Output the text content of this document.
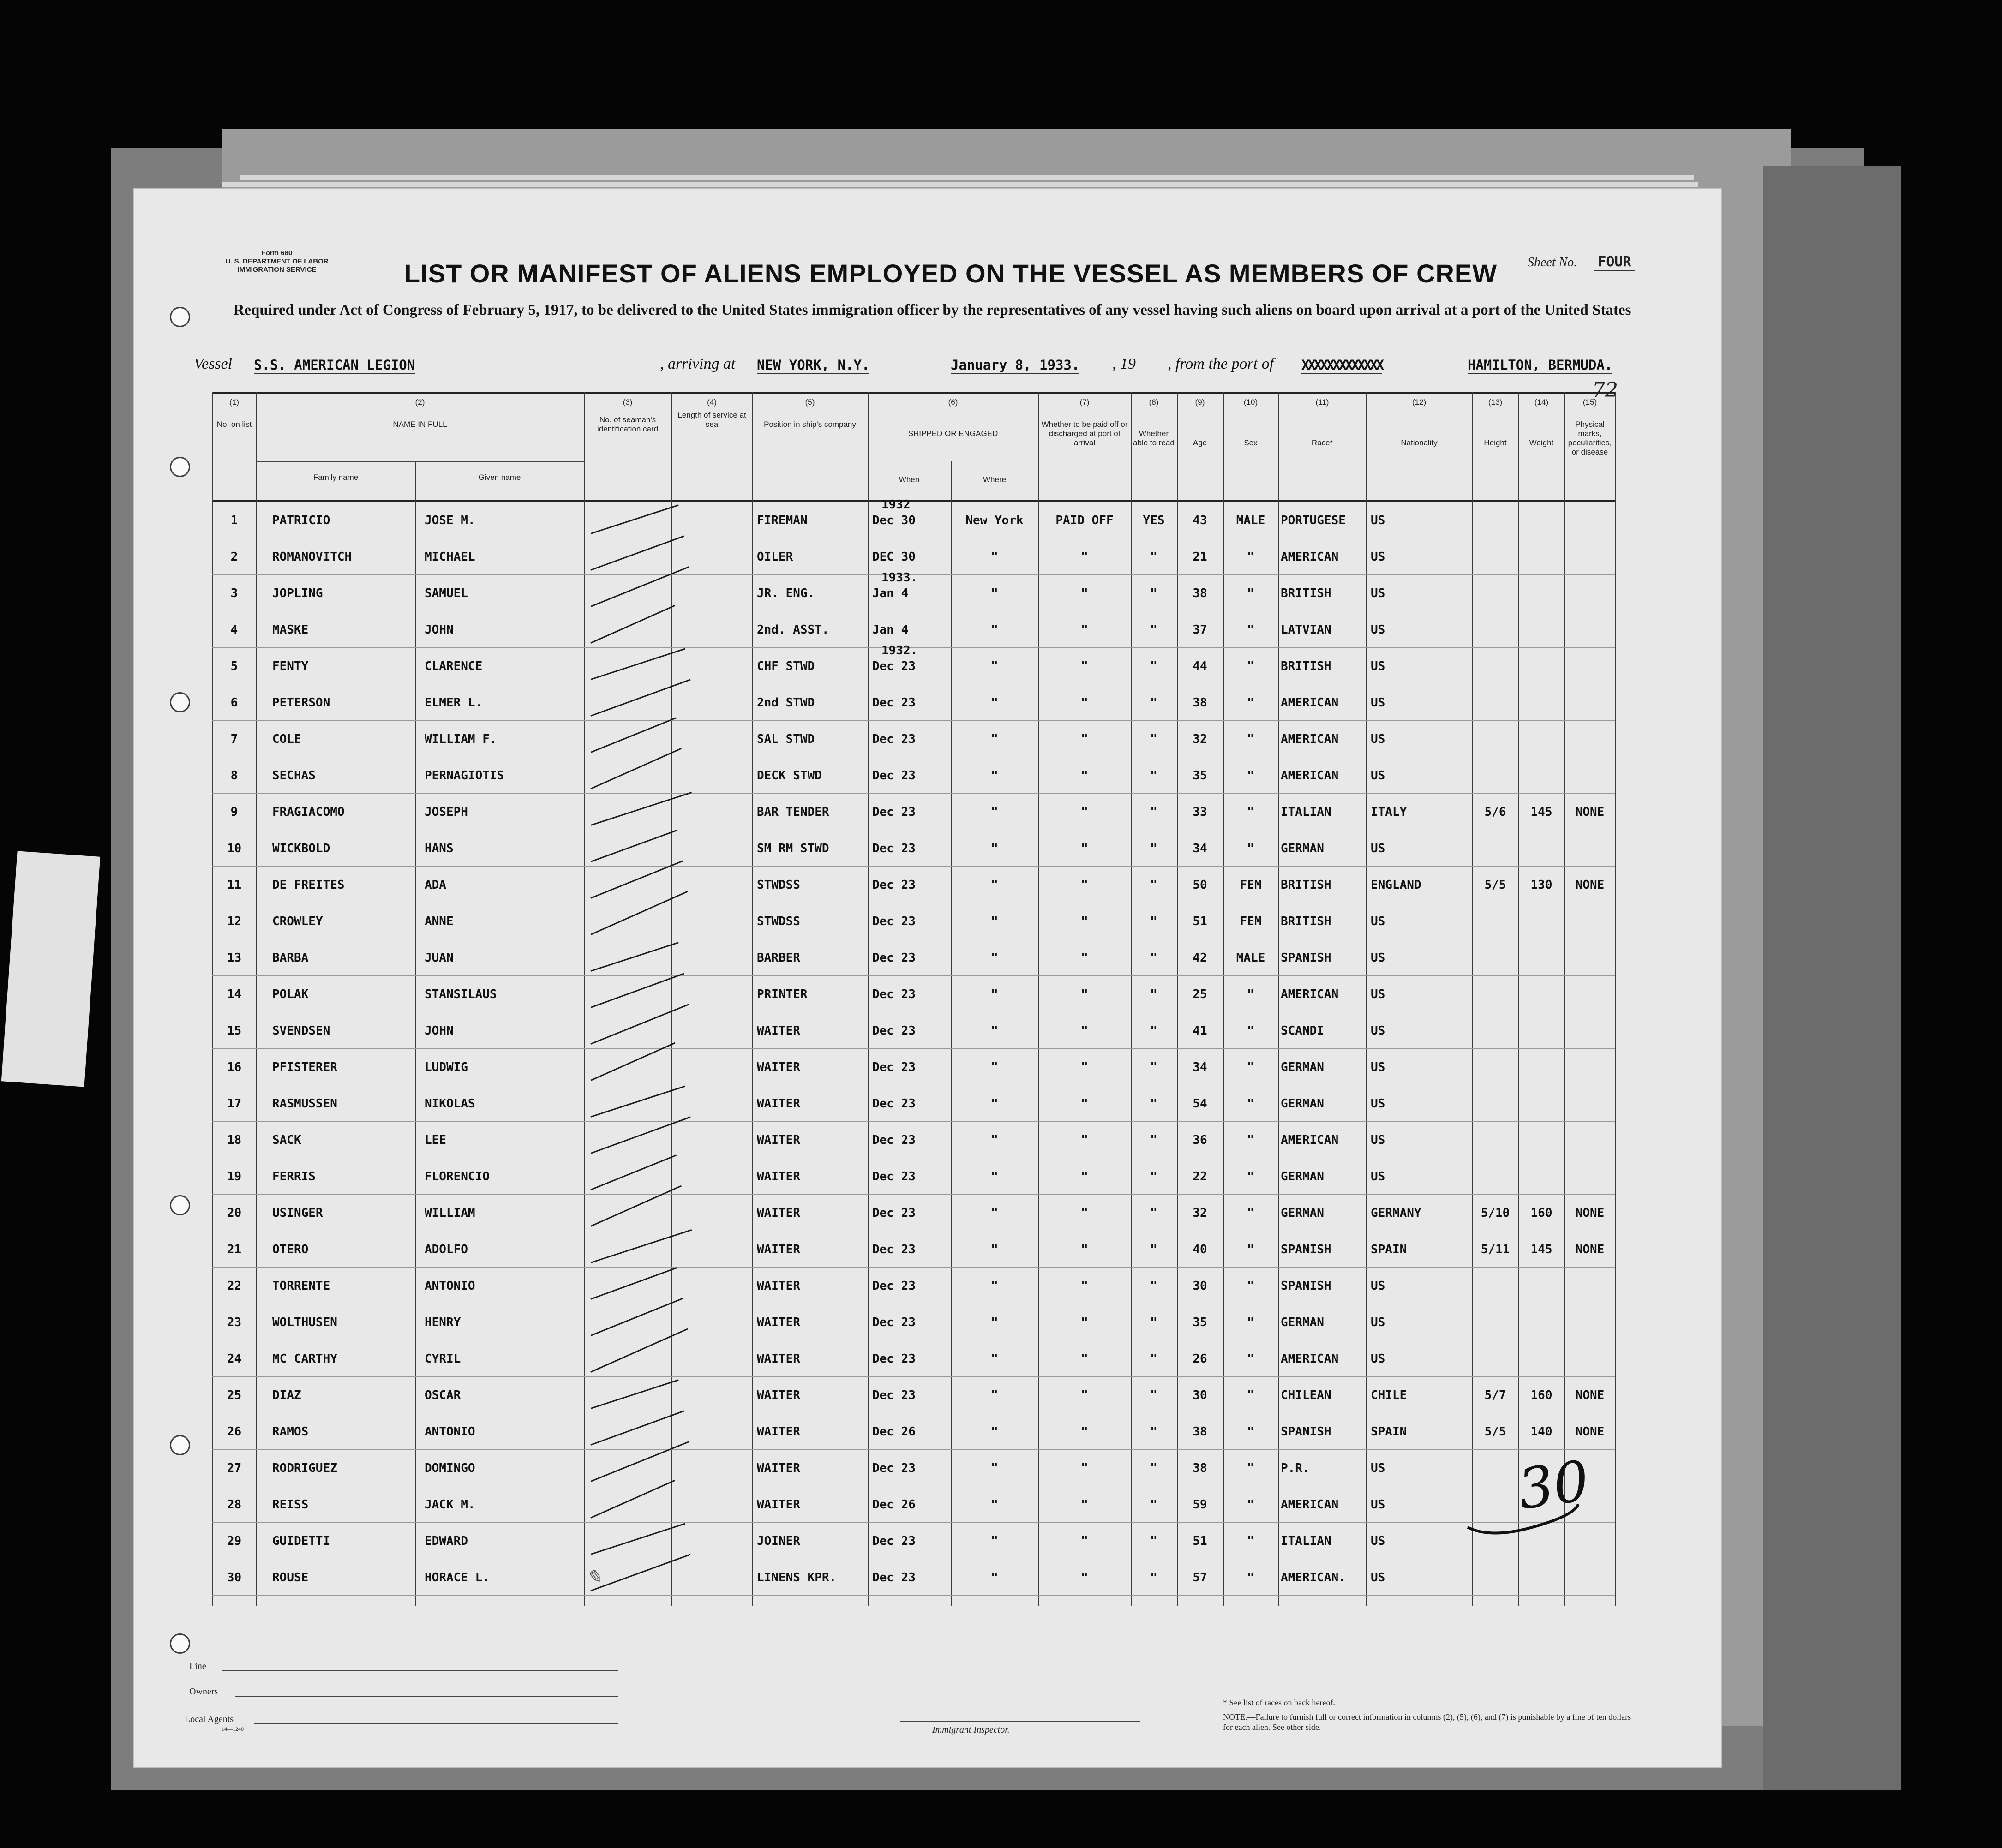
Form 680
U. S. DEPARTMENT OF LABOR
IMMIGRATION SERVICE	LIST OR MANIFEST OF ALIENS EMPLOYED ON THE VESSEL AS MEMBERS OF CREW	Sheet No. FOUR
Required under Act of Congress of February 5, 1917, to be delivered to the United States immigration officer by the representatives of any vessel having such aliens on board upon arrival at a port of the United States
Vessel S.S. AMERICAN LEGION	, arriving at NEW YORK, N.Y.	January 8, 1933. , 19 , from the port of XXXXXXXXXXXXX	HAMILTON, BERMUDA.
72
(1)	(2)	(3)	(4)	(5)	(6)	(7)	(8)	(9)	(10)	(11)	(12)	(13)	(14)	(15)
No. on list	NAME IN FULL
Family name	Given name
No. of seaman's identification card
Length of service at sea	Position in ship's company
SHIPPED OR ENGAGED
When	Where
Whether to be paid off or discharged at port of arrival
Whether able to read	Age	Sex	Race*	Nationality	Height	Weight
Physical marks, peculiarities, or disease
1932
1	PATRICIO	JOSE M.	FIREMAN	Dec 30	New York	PAID OFF	YES	43	MALE	PORTUGESE	US
2	ROMANOVITCH	MICHAEL	OILER	DEC 30	"	"	"	21	"	AMERICAN	US
1933.
3	JOPLING	SAMUEL	JR. ENG.	Jan 4	"	"	"	38	"	BRITISH	US
4	MASKE	JOHN	2nd. ASST.	Jan 4	"	"	"	37	"	LATVIAN	US
1932.
5	FENTY	CLARENCE	CHF STWD	Dec 23	"	"	"	44	"	BRITISH	US
6	PETERSON	ELMER L.	2nd STWD	Dec 23	"	"	"	38	"	AMERICAN	US
7	COLE	WILLIAM F.	SAL STWD	Dec 23	"	"	"	32	"	AMERICAN	US
8	SECHAS	PERNAGIOTIS	DECK STWD	Dec 23	"	"	"	35	"	AMERICAN	US
9	FRAGIACOMO	JOSEPH	BAR TENDER	Dec 23	"	"	"	33	"	ITALIAN	ITALY	5/6	145	NONE
10	WICKBOLD	HANS	SM RM STWD	Dec 23	"	"	"	34	"	GERMAN	US
11	DE FREITES	ADA	STWDSS	Dec 23	"	"	"	50	FEM	BRITISH	ENGLAND	5/5	130	NONE
12	CROWLEY	ANNE	STWDSS	Dec 23	"	"	"	51	FEM	BRITISH	US
13	BARBA	JUAN	BARBER	Dec 23	"	"	"	42	MALE	SPANISH	US
14	POLAK	STANSILAUS	PRINTER	Dec 23	"	"	"	25	"	AMERICAN	US
15	SVENDSEN	JOHN	WAITER	Dec 23	"	"	"	41	"	SCANDI	US
16	PFISTERER	LUDWIG	WAITER	Dec 23	"	"	"	34	"	GERMAN	US
17	RASMUSSEN	NIKOLAS	WAITER	Dec 23	"	"	"	54	"	GERMAN	US
18	SACK	LEE	WAITER	Dec 23	"	"	"	36	"	AMERICAN	US
19	FERRIS	FLORENCIO	WAITER	Dec 23	"	"	"	22	"	GERMAN	US
20	USINGER	WILLIAM	WAITER	Dec 23	"	"	"	32	"	GERMAN	GERMANY	5/10	160	NONE
21	OTERO	ADOLFO	WAITER	Dec 23	"	"	"	40	"	SPANISH	SPAIN	5/11	145	NONE
22	TORRENTE	ANTONIO	WAITER	Dec 23	"	"	"	30	"	SPANISH	US
23	WOLTHUSEN	HENRY	WAITER	Dec 23	"	"	"	35	"	GERMAN	US
24	MC CARTHY	CYRIL	WAITER	Dec 23	"	"	"	26	"	AMERICAN	US
25	DIAZ	OSCAR	WAITER	Dec 23	"	"	"	30	"	CHILEAN	CHILE	5/7	160	NONE
26	RAMOS	ANTONIO	WAITER	Dec 26	"	"	"	38	"	SPANISH	SPAIN	5/5	140	NONE
27	RODRIGUEZ	DOMINGO	WAITER	Dec 23	"	"	"	38	"	P.R.	US
28	REISS	JACK M.	WAITER	Dec 26	"	"	"	59	"	AMERICAN	US
29	GUIDETTI	EDWARD	JOINER	Dec 23	"	"	"	51	"	ITALIAN	US
30	ROUSE	HORACE L.	LINENS KPR.	Dec 23	"	"	"	57	"	AMERICAN.	US
30
✎
Line
Owners
Local Agents
14—1240	Immigrant Inspector.
* See list of races on back hereof.
NOTE.—Failure to furnish full or correct information in columns (2), (5), (6), and (7) is punishable by a fine of ten dollars for each alien. See other side.
